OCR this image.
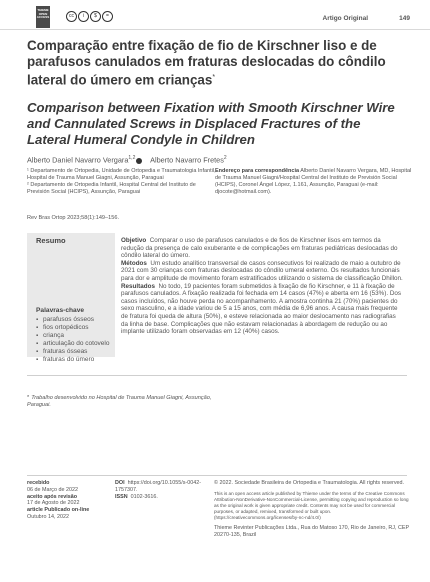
THIEME
OPEN
ACCESS	cc	i	$	=	Artigo Original	149
Comparação entre fixação de fio de Kirschner liso e de parafusos canulados em fraturas deslocadas do côndilo lateral do úmero em crianças*
Comparison between Fixation with Smooth Kirschner Wire and Cannulated Screws in Displaced Fractures of the Lateral Humeral Condyle in Children
Alberto Daniel Navarro Vergara$^{1,2}$ Alberto Navarro Fretes$^2$
¹ Departamento de Ortopedia, Unidade de Ortopedia e Traumatologia Infantil, Hospital de Trauma Manuel Giagni, Assunção, Paraguai
² Departamento de Ortopedia Infantil, Hospital Central del Instituto de Previsión Social (HCIPS), Assunção, Paraguai
Endereço para correspondência Alberto Daniel Navarro Vergara, MD, Hospital de Trauma Manuel Giagni/Hospital Central del Instituto de Previsión Social (HCIPS), Coronel Ángel López, 1.161, Assunção, Paraguai (e-mail: djocote@hotmail.com).
Rev Bras Ortop 2023;58(1):149–156.
Palavras-chave
▪ parafusos ósseos
▪ fios ortopédicos
▪ criança
▪ articulação do cotovelo
▪ fraturas ósseas
▪ fraturas do úmero
Resumo	Objetivo Comparar o uso de parafusos canulados e de fios de Kirschner lisos em termos da redução da presença de calo exuberante e de complicações em fraturas pediátricas deslocadas do côndilo lateral do úmero.

Métodos Um estudo analítico transversal de casos consecutivos foi realizado de maio a outubro de 2021 com 30 crianças com fraturas deslocadas do côndilo umeral externo. Os resultados funcionais para dor e amplitude de movimento foram estratificados utilizando o sistema de classificação Dhillon.

Resultados No todo, 19 pacientes foram submetidos à fixação de fio Kirschner, e 11 à fixação de parafusos canulados. A fixação realizada foi fechada em 14 casos (47%) e aberta em 16 (53%). Dos casos incluídos, não houve perda no acompanhamento. A amostra continha 21 (70%) pacientes do sexo masculino, e a idade variou de 5 a 15 anos, com média de 6,96 anos. A causa mais frequente de fratura foi queda de altura (50%), e esteve relacionada ao maior deslocamento nas radiografias da linha de base. Complicações que não estavam relacionadas à abordagem de redução ou ao implante utilizado foram observadas em 12 (40%) casos.

* Trabalho desenvolvido no Hospital de Trauma Manuel Giagni, Assunção, Paraguai.
recebido
06 de Março de 2022
aceito após revisão
17 de Agosto de 2022
article Publicado on-line
Outubro 14, 2022
DOI https://doi.org/10.1055/s-0042-1757307.
ISSN 0102-3616.
© 2022. Sociedade Brasileira de Ortopedia e Traumatologia. All rights reserved.
This is an open access article published by Thieme under the terms of the Creative Commons Attribution-NonDerivative-NonCommercial-License, permitting copying and reproduction so long as the original work is given appropriate credit. Contents may not be used for commercial purposes, or adapted, remixed, transformed or built upon. (https://creativecommons.org/licenses/by-nc-nd/4.0/)
Thieme Revinter Publicações Ltda., Rua do Matoso 170, Rio de Janeiro, RJ, CEP 20270-135, Brazil
